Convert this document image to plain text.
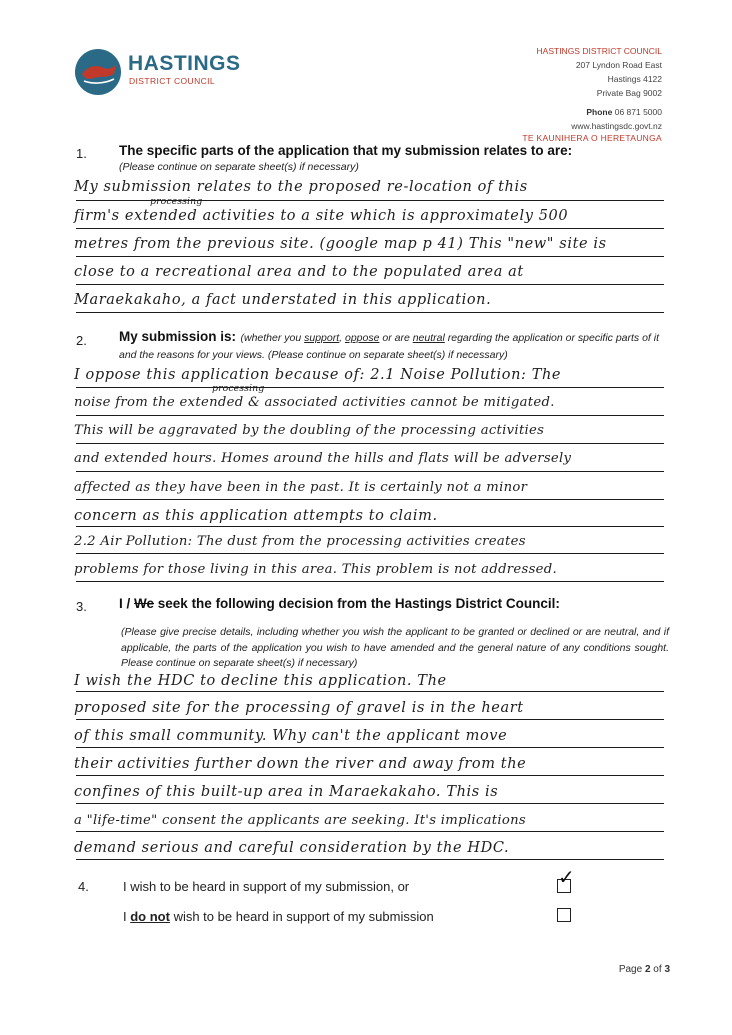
HASTINGS
DISTRICT COUNCIL
HASTINGS DISTRICT COUNCIL
207 Lyndon Road East
Hastings 4122
Private Bag 9002
Phone 06 871 5000
www.hastingsdc.govt.nz
TE KAUNIHERA O HERETAUNGA
1. The specific parts of the application that my submission relates to are:
(Please continue on separate sheet(s) if necessary)
processing
My submission relates to the proposed re-location of this
firm's extended activities to a site which is approximately 500
metres from the previous site. (google map p 41) This "new" site is
close to a recreational area and to the populated area at
Maraekakaho, a fact understated in this application.
2. My submission is: (whether you support, oppose or are neutral regarding the application or specific parts of it and the reasons for your views. (Please continue on separate sheet(s) if necessary)
processing
I oppose this application because of: 2.1 Noise Pollution: The
noise from the extended & associated activities cannot be mitigated.
This will be aggravated by the doubling of the processing activities
and extended hours. Homes around the hills and flats will be adversely
affected as they have been in the past. It is certainly not a minor
concern as this application attempts to claim.
2.2 Air Pollution: The dust from the processing activities creates
problems for those living in this area. This problem is not addressed.
3. I / We seek the following decision from the Hastings District Council:
(Please give precise details, including whether you wish the applicant to be granted or declined or are neutral, and if applicable, the parts of the application you wish to have amended and the general nature of any conditions sought. Please continue on separate sheet(s) if necessary)
I wish the HDC to decline this application. The
proposed site for the processing of gravel is in the heart
of this small community. Why can't the applicant move
their activities further down the river and away from the
confines of this built-up area in Maraekakaho. This is
a "life-time" consent the applicants are seeking. It's implications
demand serious and careful consideration by the HDC.
4.	I wish to be heard in support of my submission, or	✓
I do not wish to be heard in support of my submission
Page 2 of 3
